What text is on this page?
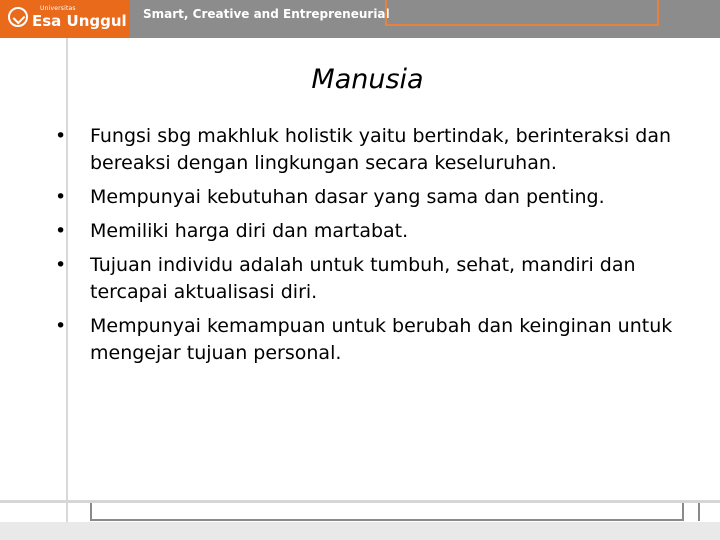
Universitas
Esa Unggul Smart, Creative and Entrepreneurial
Manusia
• Fungsi sbg makhluk holistik yaitu bertindak, berinteraksi dan bereaksi dengan lingkungan secara keseluruhan.
• Mempunyai kebutuhan dasar yang sama dan penting.
• Memiliki harga diri dan martabat.
• Tujuan individu adalah untuk tumbuh, sehat, mandiri dan tercapai aktualisasi diri.
• Mempunyai kemampuan untuk berubah dan keinginan untuk mengejar tujuan personal.
